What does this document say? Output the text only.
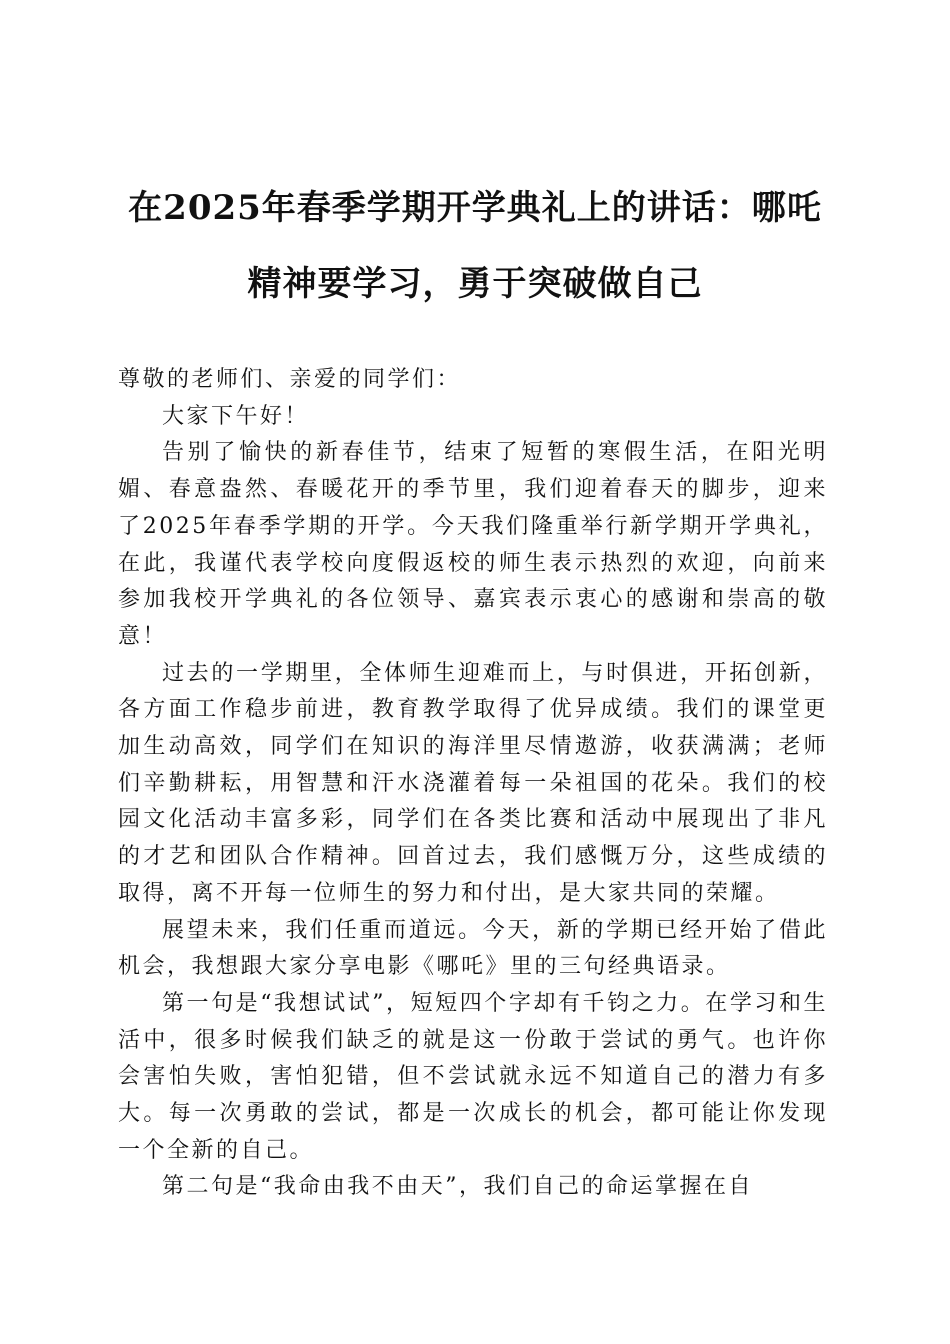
在2025年春季学期开学典礼上的讲话：哪吒
精神要学习，勇于突破做自己

尊敬的老师们、亲爱的同学们：

大家下午好！

告别了愉快的新春佳节，结束了短暂的寒假生活，在阳光明媚、春意盎然、春暖花开的季节里，我们迎着春天的脚步，迎来了2025年春季学期的开学。今天我们隆重举行新学期开学典礼，在此，我谨代表学校向度假返校的师生表示热烈的欢迎，向前来参加我校开学典礼的各位领导、嘉宾表示衷心的感谢和崇高的敬意！

过去的一学期里，全体师生迎难而上，与时俱进，开拓创新，各方面工作稳步前进，教育教学取得了优异成绩。我们的课堂更加生动高效，同学们在知识的海洋里尽情遨游，收获满满；老师们辛勤耕耘，用智慧和汗水浇灌着每一朵祖国的花朵。我们的校园文化活动丰富多彩，同学们在各类比赛和活动中展现出了非凡的才艺和团队合作精神。回首过去，我们感慨万分，这些成绩的取得，离不开每一位师生的努力和付出，是大家共同的荣耀。

展望未来，我们任重而道远。今天，新的学期已经开始了借此机会，我想跟大家分享电影《哪吒》里的三句经典语录。

第一句是“我想试试”，短短四个字却有千钧之力。在学习和生活中，很多时候我们缺乏的就是这一份敢于尝试的勇气。也许你会害怕失败，害怕犯错，但不尝试就永远不知道自己的潜力有多大。每一次勇敢的尝试，都是一次成长的机会，都可能让你发现一个全新的自己。

第二句是“我命由我不由天”，我们自己的命运掌握在自
